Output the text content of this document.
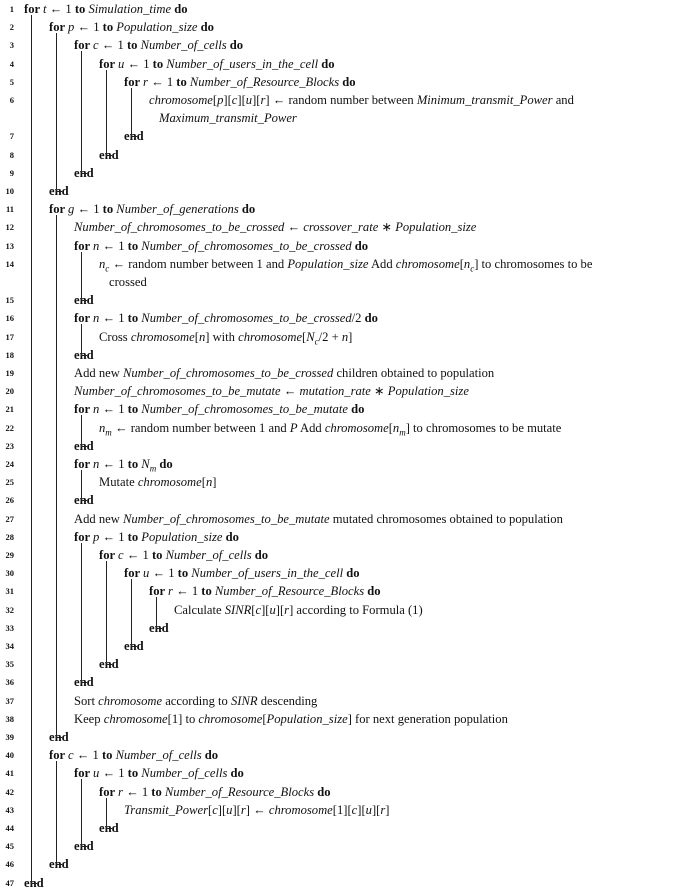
1 for t ← 1 to Simulation_time do
2	for p ← 1 to Population_size do
3	for c ← 1 to Number_of_cells do
4	for u ← 1 to Number_of_users_in_the_cell do
5	for r ← 1 to Number_of_Resource_Blocks do
6	chromosome[p][c][u][r] ← random number between Minimum_transmit_Power and
Maximum_transmit_Power
7	end
8	end
9	end
10	end
11	for g ← 1 to Number_of_generations do
12	Number_of_chromosomes_to_be_crossed ← crossover_rate ∗ Population_size
13	for n ← 1 to Number_of_chromosomes_to_be_crossed do
14	$n_c$ ← random number between 1 and Population_size Add $chromosome[n_c]$ to chromosomes to be
crossed
15	end
16	for n ← 1 to Number_of_chromosomes_to_be_crossed/2 do
17	Cross chromosome[n] with $chromosome[N_c/2 + n]$
18	end
19	Add new Number_of_chromosomes_to_be_crossed children obtained to population
20	Number_of_chromosomes_to_be_mutate ← mutation_rate ∗ Population_size
21	for n ← 1 to Number_of_chromosomes_to_be_mutate do
22	$n_m$ ← random number between 1 and P Add $chromosome[n_m]$ to chromosomes to be mutate
23	end
24	for n ← 1 to $N_m$ do
25	Mutate chromosome[n]
26	end
27	Add new Number_of_chromosomes_to_be_mutate mutated chromosomes obtained to population
28	for p ← 1 to Population_size do
29	for c ← 1 to Number_of_cells do
30	for u ← 1 to Number_of_users_in_the_cell do
31	for r ← 1 to Number_of_Resource_Blocks do
32	Calculate SINR[c][u][r] according to Formula (1)
33	end
34	end
35	end
36	end
37	Sort chromosome according to SINR descending
38	Keep chromosome[1] to chromosome[Population_size] for next generation population
39	end
40	for c ← 1 to Number_of_cells do
41	for u ← 1 to Number_of_cells do
42	for r ← 1 to Number_of_Resource_Blocks do
43	Transmit_Power[c][u][r] ← chromosome[1][c][u][r]
44	end
45	end
46	end
47 end
